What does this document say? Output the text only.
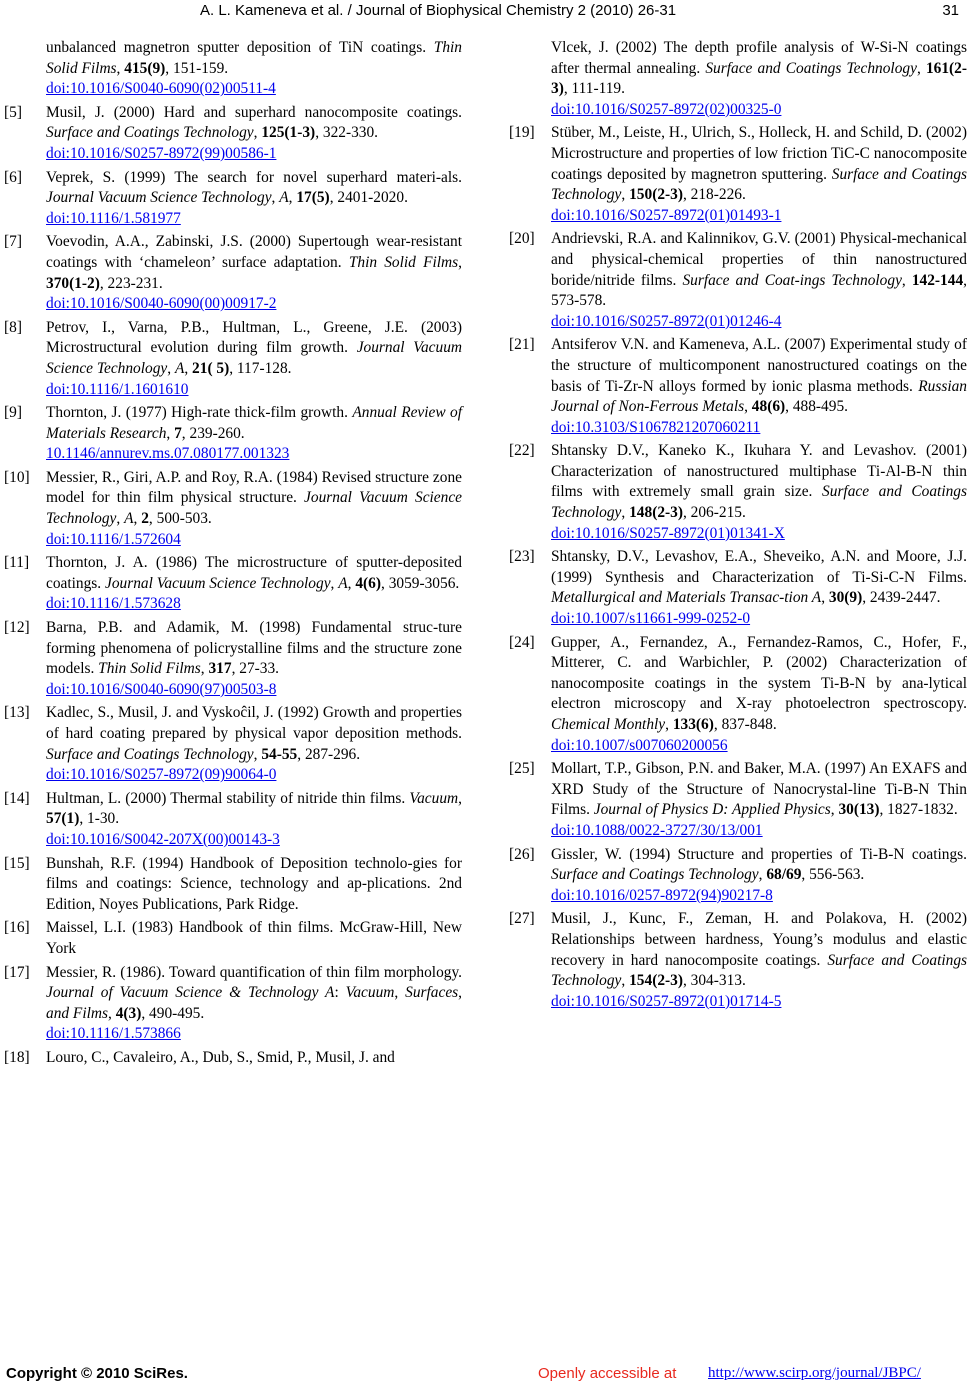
A. L. Kameneva et al. / Journal of Biophysical Chemistry 2 (2010) 26-31	31
unbalanced magnetron sputter deposition of TiN coatings. Thin Solid Films, 415(9), 151-159.
doi:10.1016/S0040-6090(02)00511-4
[5] Musil, J. (2000) Hard and superhard nanocomposite coatings. Surface and Coatings Technology, 125(1-3), 322-330.
doi:10.1016/S0257-8972(99)00586-1
[6] Veprek, S. (1999) The search for novel superhard materi-als. Journal Vacuum Science Technology, A, 17(5), 2401-2020.
doi:10.1116/1.581977
[7] Voevodin, A.A., Zabinski, J.S. (2000) Supertough wear-resistant coatings with ‘chameleon’ surface adaptation. Thin Solid Films, 370(1-2), 223-231.
doi:10.1016/S0040-6090(00)00917-2
[8] Petrov, I., Varna, P.B., Hultman, L., Greene, J.E. (2003) Microstructural evolution during film growth. Journal Vacuum Science Technology, A, 21( 5), 117-128.
doi:10.1116/1.1601610
[9] Thornton, J. (1977) High-rate thick-film growth. Annual Review of Materials Research, 7, 239-260.
10.1146/annurev.ms.07.080177.001323
[10] Messier, R., Giri, A.P. and Roy, R.A. (1984) Revised structure zone model for thin film physical structure. Journal Vacuum Science Technology, A, 2, 500-503.
doi:10.1116/1.572604
[11] Thornton, J. A. (1986) The microstructure of sputter-deposited coatings. Journal Vacuum Science Technology, A, 4(6), 3059-3056.
doi:10.1116/1.573628
[12] Barna, P.B. and Adamik, M. (1998) Fundamental struc-ture forming phenomena of policrystalline films and the structure zone models. Thin Solid Films, 317, 27-33.
doi:10.1016/S0040-6090(97)00503-8
[13] Kadlec, S., Musil, J. and Vyskoĉil, J. (1992) Growth and properties of hard coating prepared by physical vapor deposition methods. Surface and Coatings Technology, 54-55, 287-296.
doi:10.1016/S0257-8972(09)90064-0
[14] Hultman, L. (2000) Thermal stability of nitride thin films. Vacuum, 57(1), 1-30.
doi:10.1016/S0042-207X(00)00143-3
[15] Bunshah, R.F. (1994) Handbook of Deposition technolo-gies for films and coatings: Science, technology and ap-plications. 2nd Edition, Noyes Publications, Park Ridge.
[16] Maissel, L.I. (1983) Handbook of thin films. McGraw-Hill, New York
[17] Messier, R. (1986). Toward quantification of thin film morphology. Journal of Vacuum Science & Technology A: Vacuum, Surfaces, and Films, 4(3), 490-495.
doi:10.1116/1.573866
[18] Louro, C., Cavaleiro, A., Dub, S., Smid, P., Musil, J. and
Vlcek, J. (2002) The depth profile analysis of W-Si-N coatings after thermal annealing. Surface and Coatings Technology, 161(2-3), 111-119.
doi:10.1016/S0257-8972(02)00325-0
[19] Stüber, M., Leiste, H., Ulrich, S., Holleck, H. and Schild, D. (2002) Microstructure and properties of low friction TiC-C nanocomposite coatings deposited by magnetron sputtering. Surface and Coatings Technology, 150(2-3), 218-226.
doi:10.1016/S0257-8972(01)01493-1
[20] Andrievski, R.A. and Kalinnikov, G.V. (2001) Physical-mechanical and physical-chemical properties of thin nanostructured boride/nitride films. Surface and Coat-ings Technology, 142-144, 573-578.
doi:10.1016/S0257-8972(01)01246-4
[21] Antsiferov V.N. and Kameneva, A.L. (2007) Experimental study of the structure of multicomponent nanostructured coatings on the basis of Ti-Zr-N alloys formed by ionic plasma methods. Russian Journal of Non-Ferrous Metals, 48(6), 488-495.
doi:10.3103/S1067821207060211
[22] Shtansky D.V., Kaneko K., Ikuhara Y. and Levashov. (2001) Characterization of nanostructured multiphase Ti-Al-B-N thin films with extremely small grain size. Surface and Coatings Technology, 148(2-3), 206-215.
doi:10.1016/S0257-8972(01)01341-X
[23] Shtansky, D.V., Levashov, E.A., Sheveiko, A.N. and Moore, J.J. (1999) Synthesis and Characterization of Ti-Si-C-N Films. Metallurgical and Materials Transac-tion A, 30(9), 2439-2447.
doi:10.1007/s11661-999-0252-0
[24] Gupper, A., Fernandez, A., Fernandez-Ramos, C., Hofer, F., Mitterer, C. and Warbichler, P. (2002) Characterization of nanocomposite coatings in the system Ti-B-N by ana-lytical electron microscopy and X-ray photoelectron spectroscopy. Chemical Monthly, 133(6), 837-848.
doi:10.1007/s007060200056
[25] Mollart, T.P., Gibson, P.N. and Baker, M.A. (1997) An EXAFS and XRD Study of the Structure of Nanocrystal-line Ti-B-N Thin Films. Journal of Physics D: Applied Physics, 30(13), 1827-1832.
doi:10.1088/0022-3727/30/13/001
[26] Gissler, W. (1994) Structure and properties of Ti-B-N coatings. Surface and Coatings Technology, 68/69, 556-563.
doi:10.1016/0257-8972(94)90217-8
[27] Musil, J., Kunc, F., Zeman, H. and Polakova, H. (2002) Relationships between hardness, Young’s modulus and elastic recovery in hard nanocomposite coatings. Surface and Coatings Technology, 154(2-3), 304-313.
doi:10.1016/S0257-8972(01)01714-5
Copyright © 2010 SciRes.	Openly accessible at http://www.scirp.org/journal/JBPC/
